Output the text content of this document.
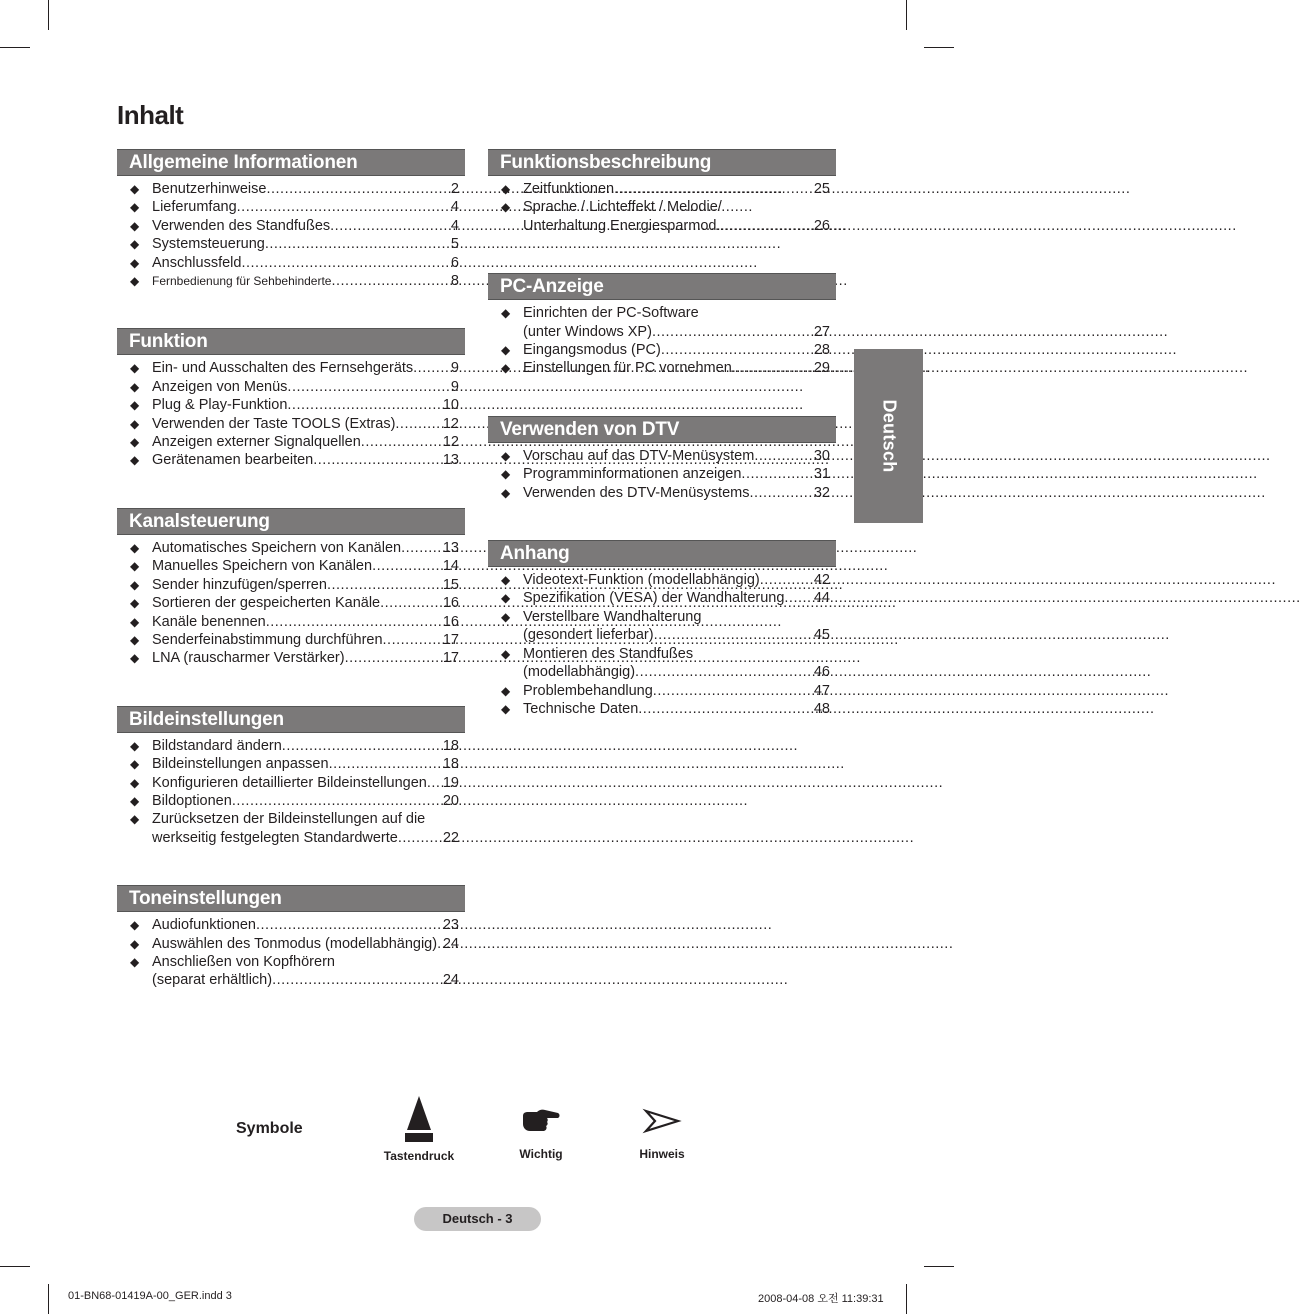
Inhalt
Allgemeine Informationen
◆ Benutzerhinweise .....	2
◆ Lieferumfang .....	4
◆ Verwenden des Standfußes .....	4
◆ Systemsteuerung .....	5
◆ Anschlussfeld .....	6
◆	Fernbedienung für Sehbehinderte .....	8
Funktion
◆ Ein- und Ausschalten des Fernsehgeräts .....	9
◆ Anzeigen von Menüs .....	9
◆ Plug & Play-Funktion .....	10
◆ Verwenden der Taste TOOLS (Extras) .....	12
◆ Anzeigen externer Signalquellen .....	12
◆ Gerätenamen bearbeiten .....	13
Kanalsteuerung
◆ Automatisches Speichern von Kanälen .....	13
◆ Manuelles Speichern von Kanälen .....	14
◆ Sender hinzufügen/sperren .....	15
◆ Sortieren der gespeicherten Kanäle .....	16
◆ Kanäle benennen .....	16
◆ Senderfeinabstimmung durchführen .....	17
◆ LNA (rauscharmer Verstärker) .....	17
Bildeinstellungen
◆ Bildstandard ändern .....	18
◆ Bildeinstellungen anpassen .....	18
◆ Konfigurieren detaillierter Bildeinstellungen ..... 19
◆ Bildoptionen .....	20
◆ Zurücksetzen der Bildeinstellungen auf die
werkseitig festgelegten Standardwerte .....	22
Toneinstellungen
◆ Audiofunktionen .....	23
◆ Auswählen des Tonmodus (modellabhängig) ..... 24
◆ Anschließen von Kopfhörern
(separat erhältlich) .....	24
Funktionsbeschreibung
◆ Zeitfunktionen .....	25
◆ Sprache / Lichteffekt / Melodie/
Unterhaltung Energiesparmod. .....	26
PC-Anzeige
◆ Einrichten der PC-Software
(unter Windows XP) .....	27
◆ Eingangsmodus (PC) .....	28
◆ Einstellungen für PC vornehmen .....	29
Verwenden von DTV
◆ Vorschau auf das DTV-Menüsystem .....	30
◆ Programminformationen anzeigen .....	31
◆ Verwenden des DTV-Menüsystems .....	32
Anhang
◆ Videotext-Funktion (modellabhängig) .....	42
◆ Spezifikation (VESA) der Wandhalterung ..... 44
◆ Verstellbare Wandhalterung
(gesondert lieferbar) .....	45
◆ Montieren des Standfußes
(modellabhängig) .....	46
◆ Problembehandlung .....	47
◆ Technische Daten .....	48
Deutsch
Symbole
Tastendruck	Wichtig	Hinweis
Deutsch - 3
01-BN68-01419A-00_GER.indd 3	2008-04-08 오전 11:39:31
